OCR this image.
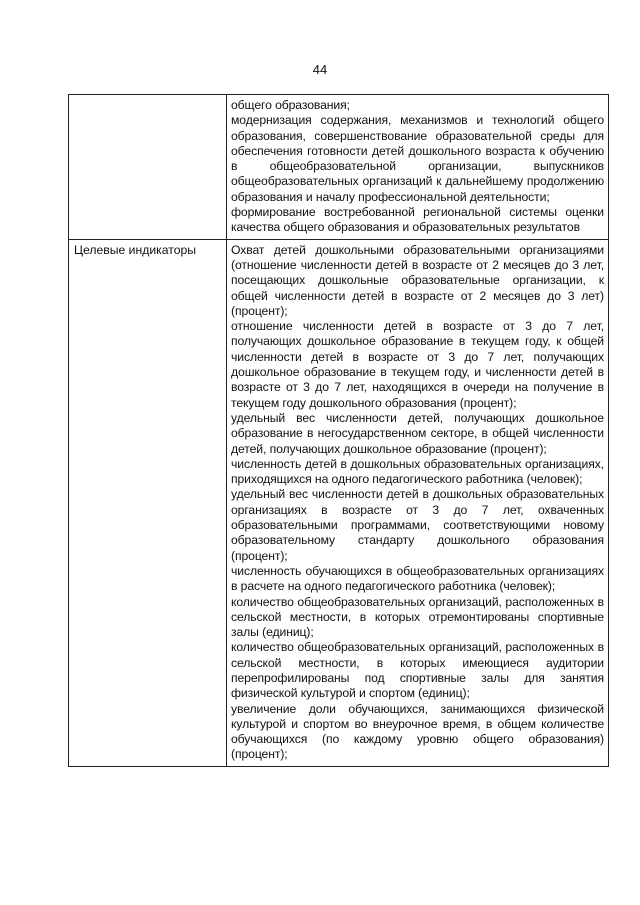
44

общего образования;

модернизация содержания, механизмов и технологий общего образования, совершенствование образовательной среды для обеспечения готовности детей дошкольного возраста к обучению в общеобразовательной организации, выпускников общеобразовательных организаций к дальнейшему продолжению образования и началу профессиональной деятельности;

формирование востребованной региональной системы оценки качества общего образования и образовательных результатов

Целевые индикаторы	Охват детей дошкольными образовательными организациями (отношение численности детей в возрасте от 2 месяцев до 3 лет, посещающих дошкольные образовательные организации, к общей численности детей в возрасте от 2 месяцев до 3 лет) (процент);

отношение численности детей в возрасте от 3 до 7 лет, получающих дошкольное образование в текущем году, к общей численности детей в возрасте от 3 до 7 лет, получающих дошкольное образование в текущем году, и численности детей в возрасте от 3 до 7 лет, находящихся в очереди на получение в текущем году дошкольного образования (процент);

удельный вес численности детей, получающих дошкольное образование в негосударственном секторе, в общей численности детей, получающих дошкольное образование (процент);

численность детей в дошкольных образовательных организациях, приходящихся на одного педагогического работника (человек);

удельный вес численности детей в дошкольных образовательных организациях в возрасте от 3 до 7 лет, охваченных образовательными программами, соответствующими новому образовательному стандарту дошкольного образования (процент);

численность обучающихся в общеобразовательных организациях в расчете на одного педагогического работника (человек);

количество общеобразовательных организаций, расположенных в сельской местности, в которых отремонтированы спортивные залы (единиц);

количество общеобразовательных организаций, расположенных в сельской местности, в которых имеющиеся аудитории перепрофилированы под спортивные залы для занятия физической культурой и спортом (единиц);

увеличение доли обучающихся, занимающихся физической культурой и спортом во внеурочное время, в общем количестве обучающихся (по каждому уровню общего образования) (процент);
